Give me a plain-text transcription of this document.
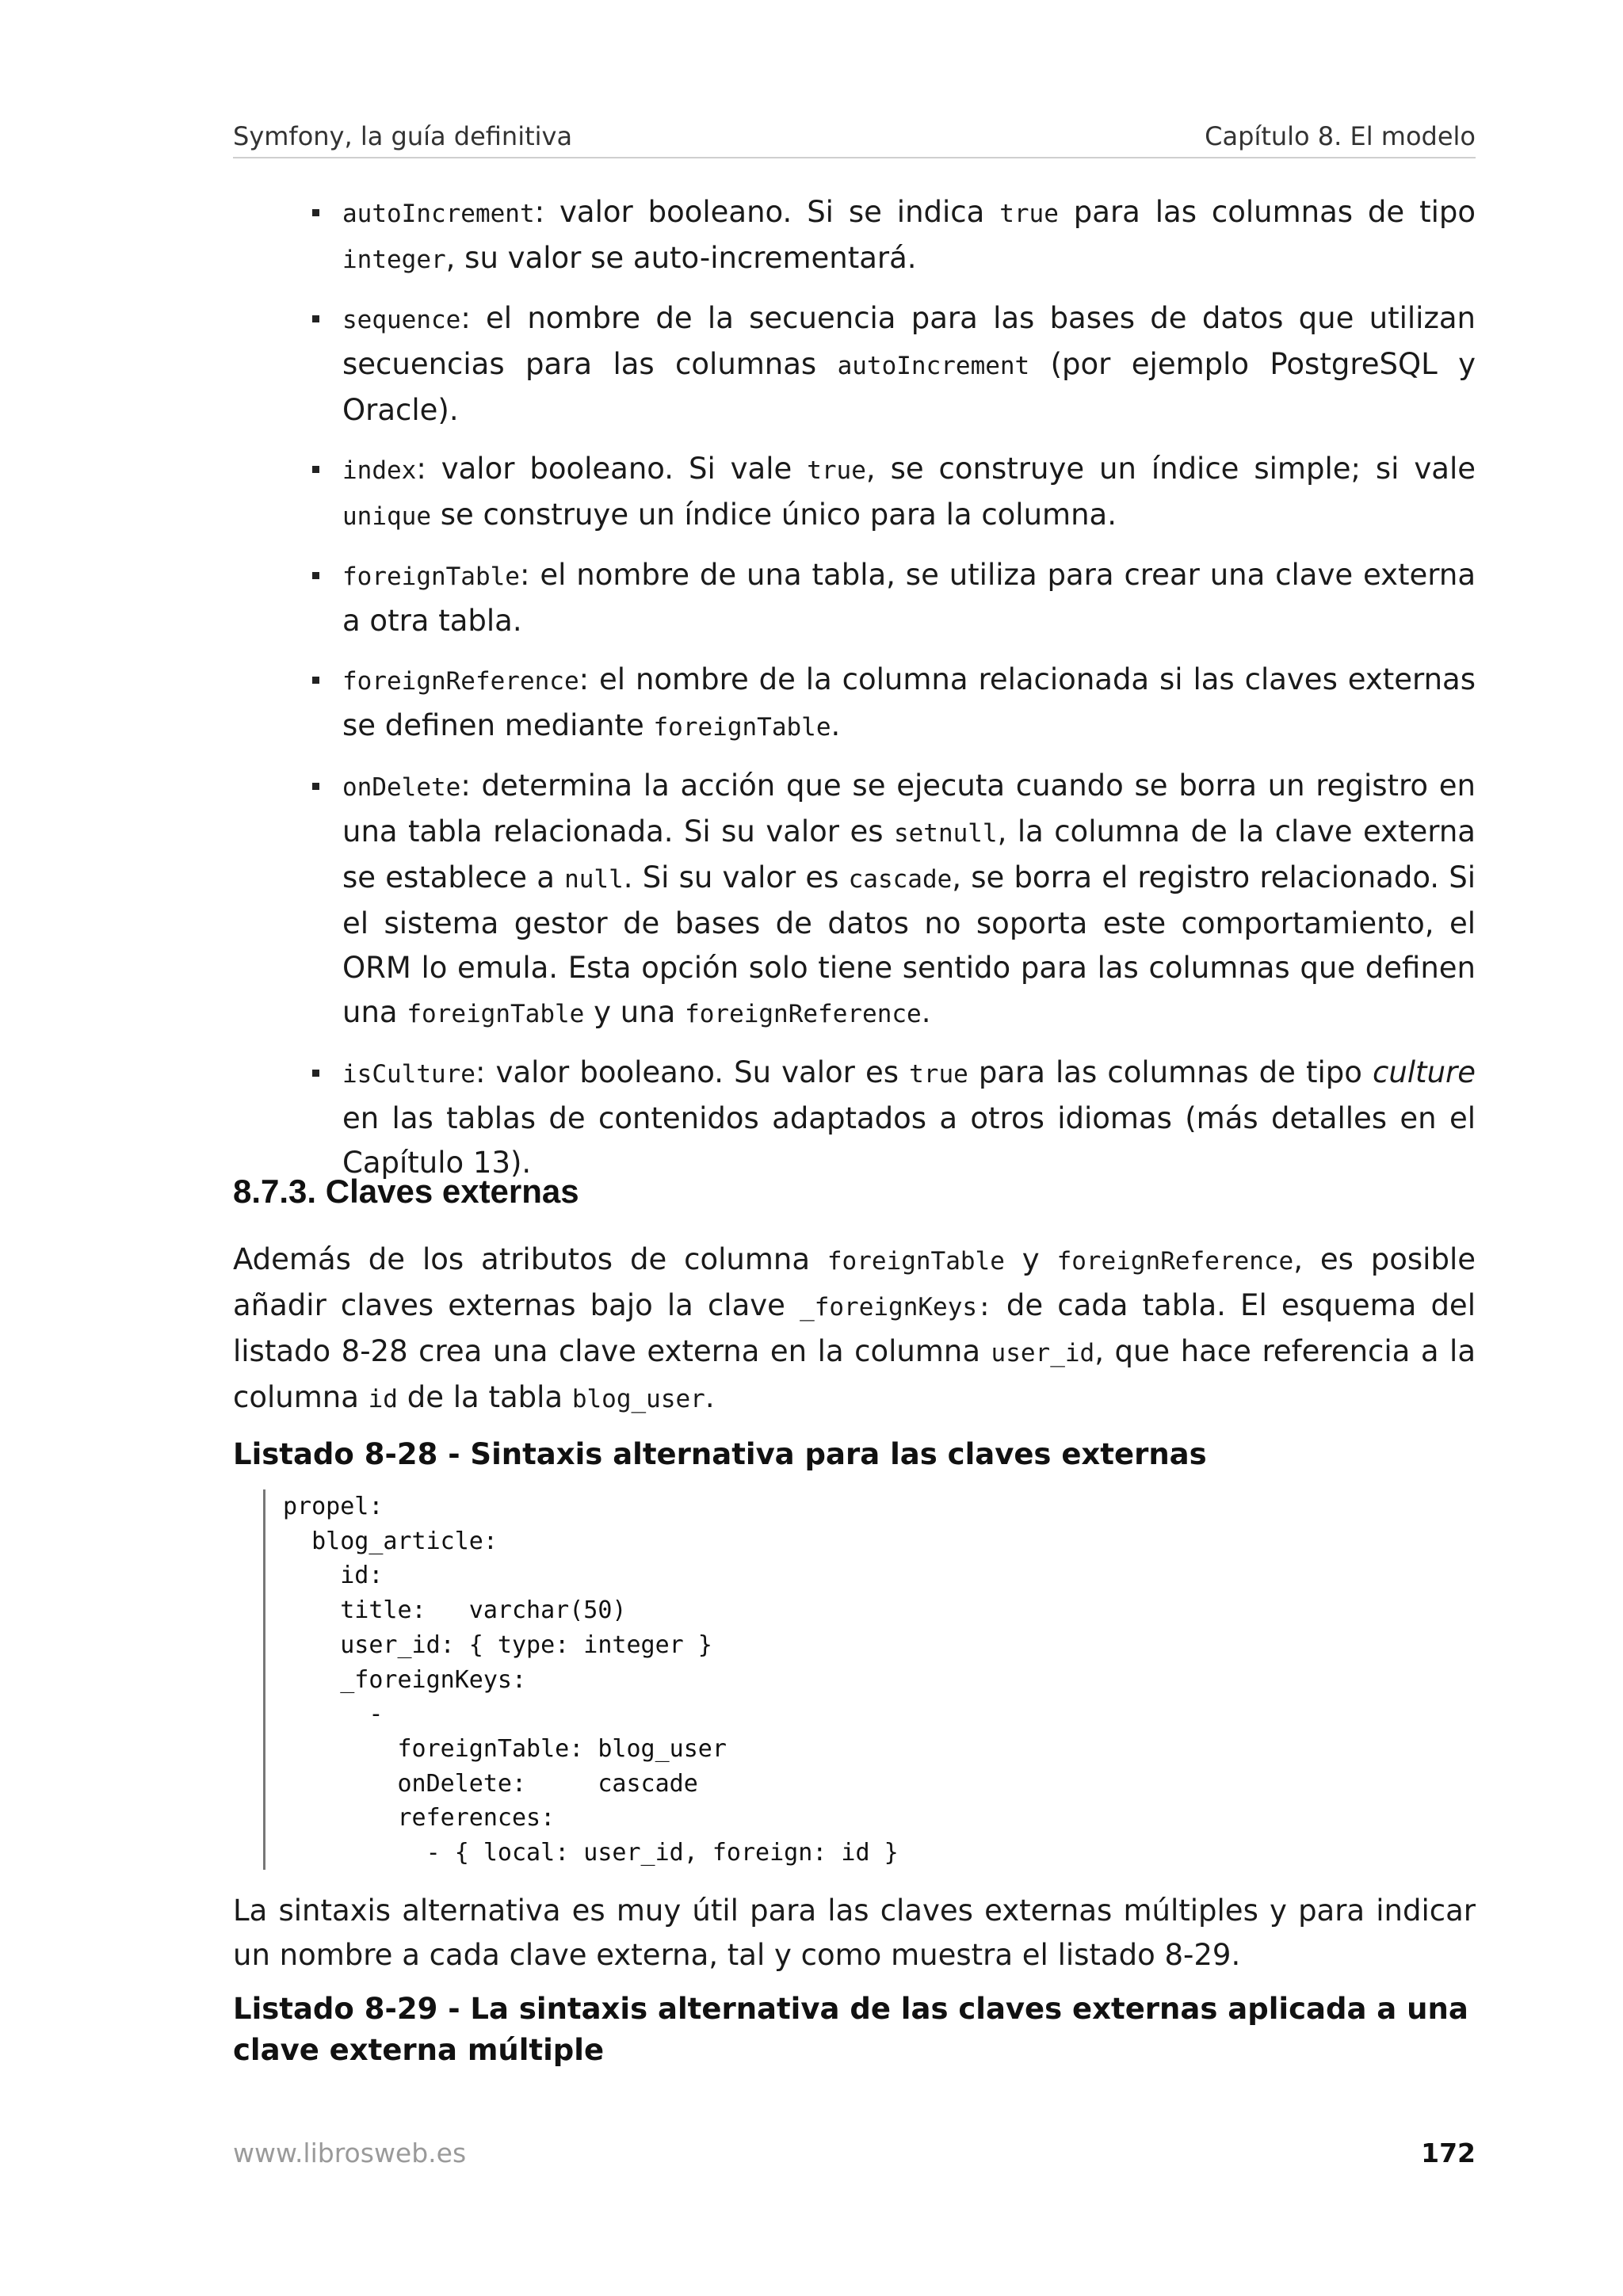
Symfony, la guía definitiva	Capítulo 8. El modelo
autoIncrement: valor booleano. Si se indica true para las columnas de tipo integer, su valor se auto-incrementará.
sequence: el nombre de la secuencia para las bases de datos que utilizan secuencias para las columnas autoIncrement (por ejemplo PostgreSQL y Oracle).
index: valor booleano. Si vale true, se construye un índice simple; si vale unique se construye un índice único para la columna.
foreignTable: el nombre de una tabla, se utiliza para crear una clave externa a otra tabla.
foreignReference: el nombre de la columna relacionada si las claves externas se definen mediante foreignTable.
onDelete: determina la acción que se ejecuta cuando se borra un registro en una tabla relacionada. Si su valor es setnull, la columna de la clave externa se establece a null. Si su valor es cascade, se borra el registro relacionado. Si el sistema gestor de bases de datos no soporta este comportamiento, el ORM lo emula. Esta opción solo tiene sentido para las columnas que definen una foreignTable y una foreignReference.
isCulture: valor booleano. Su valor es true para las columnas de tipo culture en las tablas de contenidos adaptados a otros idiomas (más detalles en el Capítulo 13).
8.7.3. Claves externas

Además de los atributos de columna foreignTable y foreignReference, es posible añadir claves externas bajo la clave _foreignKeys: de cada tabla. El esquema del listado 8-28 crea una clave externa en la columna user_id, que hace referencia a la columna id de la tabla blog_user.

Listado 8-28 - Sintaxis alternativa para las claves externas

propel:
blog_article:
id:
title:   varchar(50)
user_id: { type: integer }
_foreignKeys:
-
foreignTable: blog_user
onDelete:     cascade
references:
- { local: user_id, foreign: id }

La sintaxis alternativa es muy útil para las claves externas múltiples y para indicar un nombre a cada clave externa, tal y como muestra el listado 8-29.

Listado 8-29 - La sintaxis alternativa de las claves externas aplicada a una clave externa múltiple

www.librosweb.es	172
